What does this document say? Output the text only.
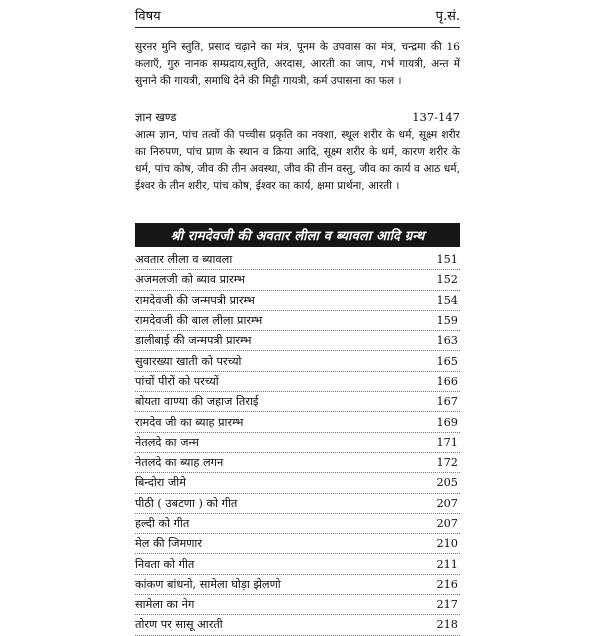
विषय	पृ.सं.
सुरनर मुनि स्तुति, प्रसाद चढ़ाने का मंत्र, पूनम के उपवास का मंत्र, चन्द्रमा की 16 कलाएँ, गुरु नानक सम्प्रदाय,स्तुति, अरदास, आरती का जाप, गर्भ गायत्री, अन्त में सुनाने की गायत्री, समाधि देने की मिट्टी गायत्री, कर्म उपासना का फल ।
ज्ञान खण्ड	137-147
आत्म ज्ञान, पांच तत्वों की पच्चीस प्रकृति का नक्शा, स्थूल शरीर के धर्म, सूक्ष्म शरीर का निरुपण, पांच प्राण के स्थान व क्रिया आदि, सूक्ष्म शरीर के धर्म, कारण शरीर के धर्म, पांच कोष, जीव की तीन अवस्था, जीव की तीन वस्तु, जीव का कार्य व आठ धर्म, ईश्वर के तीन शरीर, पांच कोष, ईश्वर का कार्य, क्षमा प्रार्थना, आरती ।
श्री रामदेवजी की अवतार लीला व ब्यावला आदि ग्रन्थ
अवतार लीला व ब्यावला	151
अजमलजी को ब्याव प्रारम्भ	152
रामदेवजी की जन्मपत्री प्रारम्भ	154
रामदेवजी की बाल लीला प्रारम्भ	159
डालीबाई की जन्मपत्री प्रारम्भ	163
सुवारख्या खाती को परच्यो	165
पांचों पीरों को परच्यों	166
बोयता वाण्या की जहाज तिराई	167
रामदेव जी का ब्याह प्रारम्भ	169
नेतलदे का जन्म	171
नेतलदे का ब्याह लगन	172
बिन्दोरा जीमे	205
पीठी ( उबटणा ) को गीत	207
हल्दी को गीत	207
मेल की जिमणार	210
निवता को गीत	211
कांकण बांधनो, सामेला घोड़ा झेलणो	216
सामेला का नेग	217
तोरण पर सासू आरती	218
